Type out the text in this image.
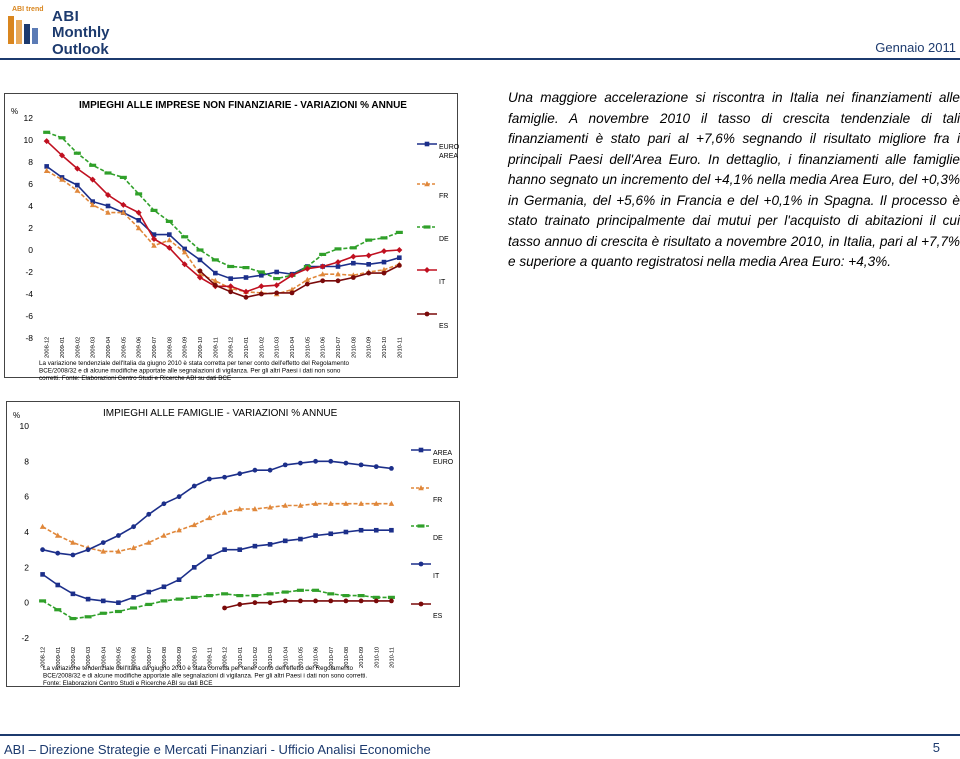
ABI trend ABI
Monthly Outlook	Gennaio 2011
IMPIEGHI ALLE IMPRESE NON FINANZIARIE - VARIAZIONI % ANNUE
%
-8
-6
-4
-2
0
2
4
6
8
10
12
2008-12 2009-01 2009-02 2009-03 2009-04 2009-05 2009-06 2009-07 2009-08 2009-09 2009-10 2009-11 2009-12 2010-01 2010-02 2010-03 2010-04 2010-05 2010-06 2010-07 2010-08 2010-09 2010-10 2010-11
EURO
AREA
FR
DE
IT
ES
La variazione tendenziale dell'Italia da giugno 2010 è stata corretta per tener conto dell'effetto del Regolamento BCE/2008/32 e di alcune modifiche apportate alle segnalazioni di vigilanza. Per gli altri Paesi i dati non sono corretti. Fonte: Elaborazioni Centro Studi e Ricerche ABI su dati BCE
IMPIEGHI ALLE FAMIGLIE - VARIAZIONI % ANNUE
%
-2
0
2
4
6
8
10
2008-12 2009-01 2009-02 2009-03 2009-04 2009-05 2009-06 2009-07 2009-08 2009-09 2009-10 2009-11 2009-12 2010-01 2010-02 2010-03 2010-04 2010-05 2010-06 2010-07 2010-08 2010-09 2010-10 2010-11
AREA
EURO
FR
DE
IT
ES
La variazione tendenziale dell'Italia da giugno 2010 è stata corretta per tener conto dell'effetto del Regolamento BCE/2008/32 e di alcune modifiche apportate alle segnalazioni di vigilanza. Per gli altri Paesi i dati non sono corretti. Fonte: Elaborazioni Centro Studi e Ricerche ABI su dati BCE
Una maggiore accelerazione si riscontra in Italia nei finanziamenti alle famiglie. A novembre 2010 il tasso di crescita tendenziale di tali finanziamenti è stato pari al +7,6% segnando il risultato migliore fra i principali Paesi dell'Area Euro. In dettaglio, i finanziamenti alle famiglie hanno segnato un incremento del +4,1% nella media Area Euro, del +0,3% in Germania, del +5,6% in Francia e del +0,1% in Spagna. Il processo è stato trainato principalmente dai mutui per l'acquisto di abitazioni il cui tasso annuo di crescita è risultato a novembre 2010, in Italia, pari al +7,7% e superiore a quanto registratosi nella media Area Euro: +4,3%.
ABI – Direzione Strategie e Mercati Finanziari - Ufficio Analisi Economiche	5
